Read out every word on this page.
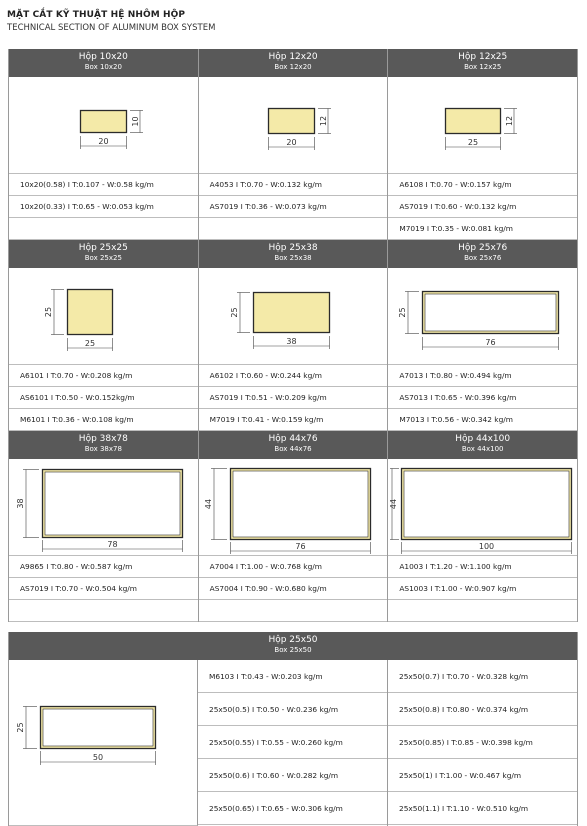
MẶT CẮT KỸ THUẬT HỆ NHÔM HỘP
TECHNICAL SECTION OF ALUMINUM BOX SYSTEM
Hộp 10x20
Box 10x20
20
10
10x20(0.58) I T:0.107 - W:0.58 kg/m
10x20(0.33) I T:0.65 - W:0.053 kg/m
Hộp 12x20
Box 12x20
20
12
A4053 I T:0.70 - W:0.132 kg/m
AS7019 I T:0.36 - W:0.073 kg/m
Hộp 12x25
Box 12x25
25
12
A6108 I T:0.70 - W:0.157 kg/m
AS7019 I T:0.60 - W:0.132 kg/m
M7019 I T:0.35 - W:0.081 kg/m
Hộp 25x25
Box 25x25
25
25
A6101 I T:0.70 - W:0.208 kg/m
AS6101 I T:0.50 - W:0.152kg/m
M6101 I T:0.36 - W:0.108 kg/m
Hộp 25x38
Box 25x38
38
25
A6102 I T:0.60 - W:0.244 kg/m
AS7019 I T:0.51 - W:0.209 kg/m
M7019 I T:0.41 - W:0.159 kg/m
Hộp 25x76
Box 25x76
76
25
A7013 I T:0.80 - W:0.494 kg/m
AS7013 I T:0.65 - W:0.396 kg/m
M7013 I T:0.56 - W:0.342 kg/m
Hộp 38x78
Box 38x78
78
38
A9865 I T:0.80 - W:0.587 kg/m
AS7019 I T:0.70 - W:0.504 kg/m
Hộp 44x76
Box 44x76
76
44
A7004 I T:1.00 - W:0.768 kg/m
AS7004 I T:0.90 - W:0.680 kg/m
Hộp 44x100
Box 44x100
100
44
A1003 I T:1.20 - W:1.100 kg/m
AS1003 I T:1.00 - W:0.907 kg/m
Hộp 25x50
Box 25x50
50
25
M6103 I T:0.43 - W:0.203 kg/m
25x50(0.5) I T:0.50 - W:0.236 kg/m
25x50(0.55) I T:0.55 - W:0.260 kg/m
25x50(0.6) I T:0.60 - W:0.282 kg/m
25x50(0.65) I T:0.65 - W:0.306 kg/m
25x50(0.7) I T:0.70 - W:0.328 kg/m
25x50(0.8) I T:0.80 - W:0.374 kg/m
25x50(0.85) I T:0.85 - W:0.398 kg/m
25x50(1) I T:1.00 - W:0.467 kg/m
25x50(1.1) I T:1.10 - W:0.510 kg/m
